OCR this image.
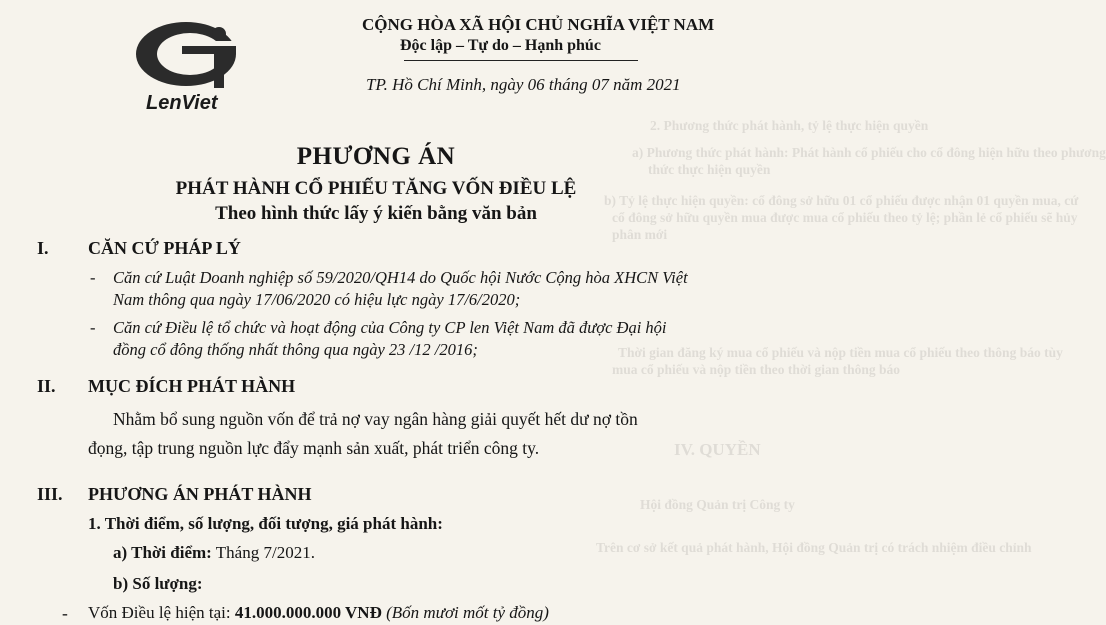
2. Phương thức phát hành, tỷ lệ thực hiện quyền
a) Phương thức phát hành: Phát hành cổ phiếu cho cổ đông hiện hữu theo phương
thức thực hiện quyền
b) Tỷ lệ thực hiện quyền: cổ đông sở hữu 01 cổ phiếu được nhận 01 quyền mua, cứ
cổ đông sở hữu quyền mua được mua cổ phiếu theo tỷ lệ; phần lẻ cổ phiếu sẽ hủy
phân mới
Thời gian đăng ký mua cổ phiếu và nộp tiền mua cổ phiếu theo thông báo tùy
mua cổ phiếu và nộp tiền theo thời gian thông báo
IV. QUYỀN
Hội đồng Quản trị Công ty
Trên cơ sở kết quả phát hành, Hội đồng Quản trị có trách nhiệm điều chỉnh
LenViet
CỘNG HÒA XÃ HỘI CHỦ NGHĨA VIỆT NAM
Độc lập – Tự do – Hạnh phúc
TP. Hồ Chí Minh, ngày 06 tháng 07 năm 2021
PHƯƠNG ÁN
PHÁT HÀNH CỔ PHIẾU TĂNG VỐN ĐIỀU LỆ
Theo hình thức lấy ý kiến bằng văn bản
I. CĂN CỨ PHÁP LÝ
- Căn cứ Luật Doanh nghiệp số 59/2020/QH14 do Quốc hội Nước Cộng hòa XHCN Việt
Nam thông qua ngày 17/06/2020 có hiệu lực ngày 17/6/2020;
- Căn cứ Điều lệ tổ chức và hoạt động của Công ty CP len Việt Nam đã được Đại hội
đồng cổ đông thống nhất thông qua ngày 23 /12 /2016;
II. MỤC ĐÍCH PHÁT HÀNH
Nhằm bổ sung nguồn vốn để trả nợ vay ngân hàng giải quyết hết dư nợ tồn
đọng, tập trung nguồn lực đẩy mạnh sản xuất, phát triển công ty.
III. PHƯƠNG ÁN PHÁT HÀNH
1. Thời điểm, số lượng, đối tượng, giá phát hành:
a) Thời điểm: Tháng 7/2021.
b) Số lượng:
- Vốn Điều lệ hiện tại: 41.000.000.000 VNĐ (Bốn mươi mốt tỷ đồng)
